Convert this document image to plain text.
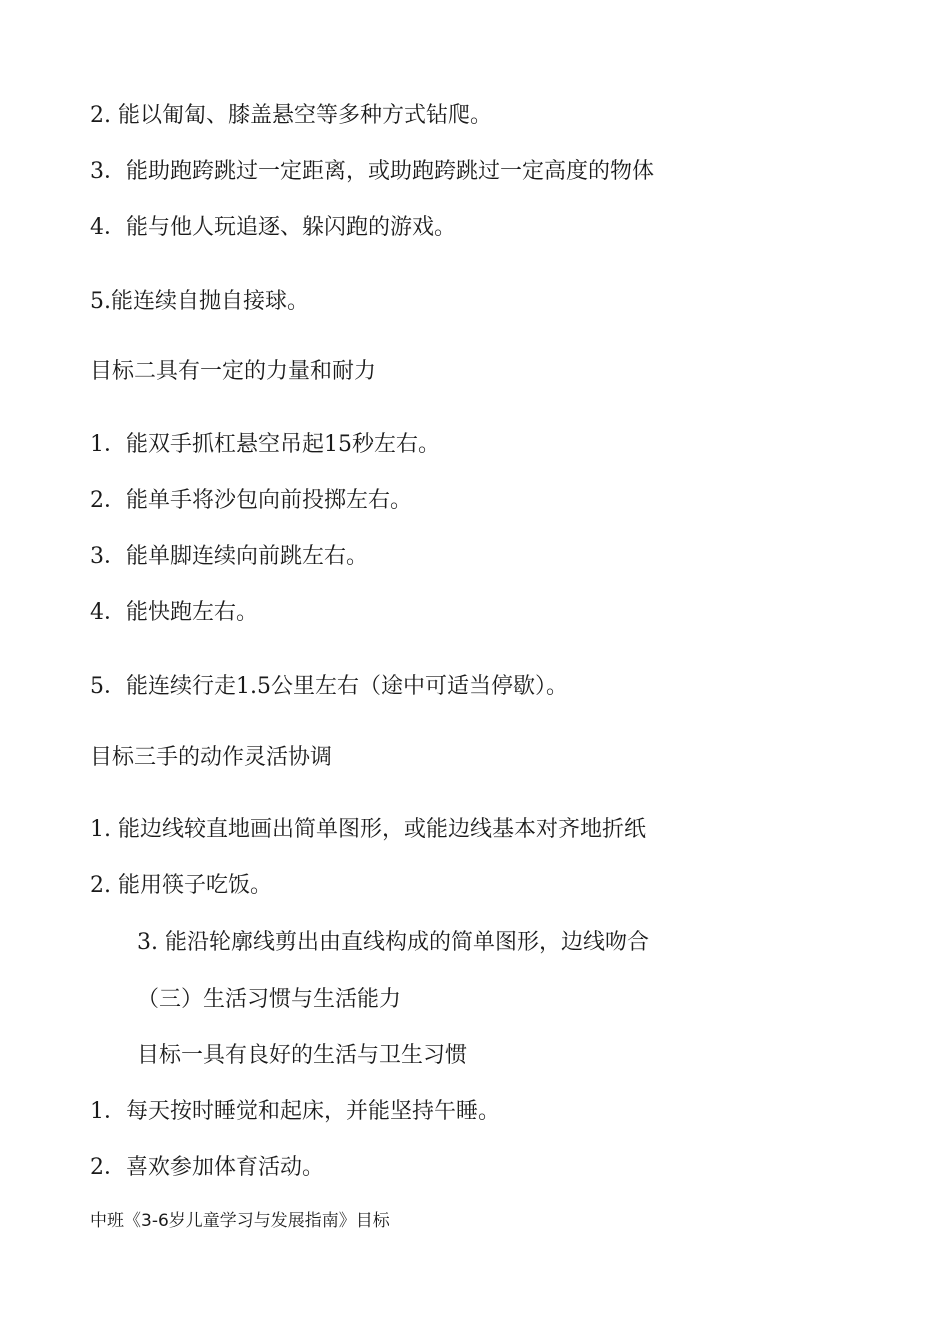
2. 能以匍匐、膝盖悬空等多种方式钻爬。
3．能助跑跨跳过一定距离，或助跑跨跳过一定高度的物体
4．能与他人玩追逐、躲闪跑的游戏。
5.能连续自抛自接球。
目标二具有一定的力量和耐力
1．能双手抓杠悬空吊起15秒左右。
2．能单手将沙包向前投掷左右。
3．能单脚连续向前跳左右。
4．能快跑左右。
5．能连续行走1.5公里左右（途中可适当停歇）。
目标三手的动作灵活协调
1. 能边线较直地画出简单图形，或能边线基本对齐地折纸
2. 能用筷子吃饭。
3. 能沿轮廓线剪出由直线构成的简单图形，边线吻合
（三）生活习惯与生活能力
目标一具有良好的生活与卫生习惯
1．每天按时睡觉和起床，并能坚持午睡。
2．喜欢参加体育活动。
中班《3-6岁儿童学习与发展指南》目标
